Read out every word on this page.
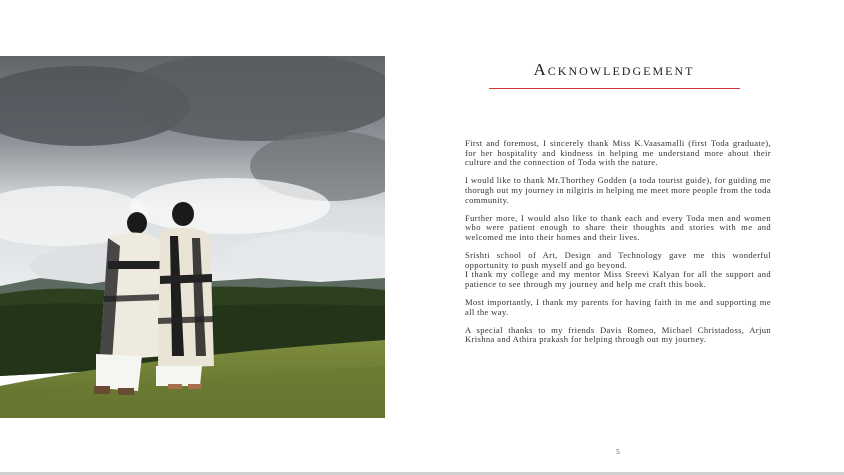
Acknowledgement

First and foremost, I sincerely thank Miss K.Vaasamalli (first Toda graduate), for her hospitality and kindness in helping me understand more about their culture and the connection of Toda with the nature.

I would like to thank Mr.Thorthey Godden (a toda tourist guide), for guiding me thorugh out my journey in nilgiris in helping me meet more people from the toda community.

Further more, I would also like to thank each and every Toda men and women who were patient enough to share their thoughts and stories with me and welcomed me into their homes and their lives.

Srishti school of Art, Design and Technology gave me this wonderful opportunity to push myself and go beyond.

I thank my college and my mentor Miss Sreevi Kalyan for all the support and patience to see through my journey and help me craft this book.

Most importantly, I thank my parents for having faith in me and supporting me all the way.

A special thanks to my friends Davis Romeo, Michael Christadoss, Arjun Krishna and Athira prakash for helping through out my journey.

5
